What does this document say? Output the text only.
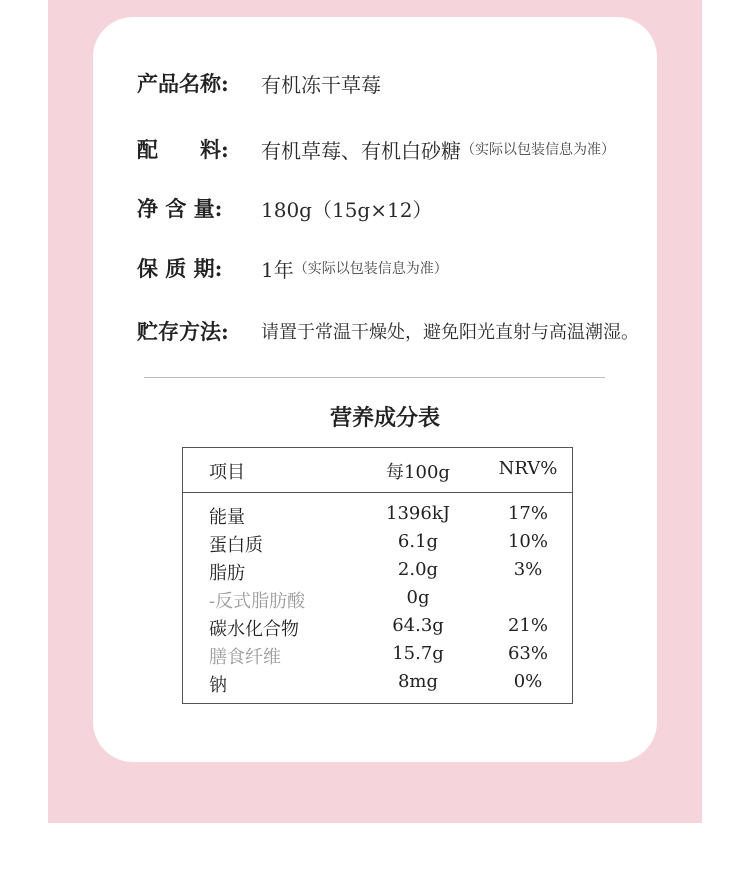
产品名称:	有机冻干草莓
配　　料:	有机草莓、有机白砂糖 （实际以包装信息为准）
净 含 量:	180g（15g×12）
保 质 期:	1年 （实际以包装信息为准）
贮存方法:	请置于常温干燥处，避免阳光直射与高温潮湿。
营养成分表
项目	每100g	NRV%
能量	1396kJ	17%
蛋白质	6.1g	10%
脂肪	2.0g	3%
-反式脂肪酸	0g
碳水化合物	64.3g	21%
膳食纤维	15.7g	63%
钠	8mg	0%
